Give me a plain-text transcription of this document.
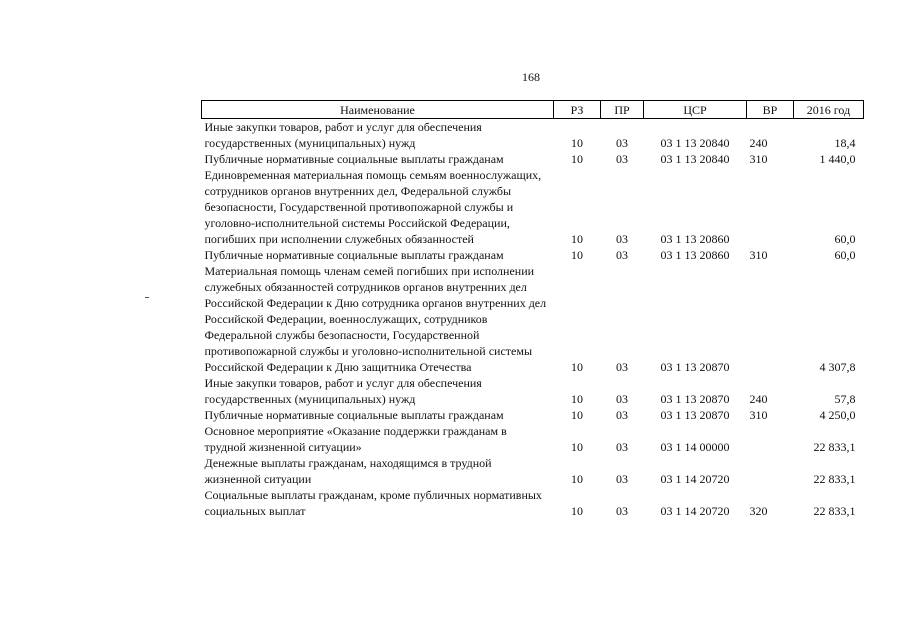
168
Наименование	РЗ	ПР	ЦСР	ВР	2016 год
Иные закупки товаров, работ и услуг для обеспечения государственных (муниципальных) нужд	10	03	03 1 13 20840	240	18,4
Публичные нормативные социальные выплаты гражданам	10	03	03 1 13 20840	310	1 440,0
Единовременная материальная помощь семьям военнослужащих, сотрудников органов внутренних дел, Федеральной службы безопасности, Государственной противопожарной службы и уголовно-исполнительной системы Российской Федерации, погибших при исполнении служебных обязанностей	10	03	03 1 13 20860		60,0
Публичные нормативные социальные выплаты гражданам	10	03	03 1 13 20860	310	60,0
Материальная помощь членам семей погибших при исполнении служебных обязанностей сотрудников органов внутренних дел Российской Федерации к Дню сотрудника органов внутренних дел Российской Федерации, военнослужащих, сотрудников Федеральной службы безопасности, Государственной противопожарной службы и уголовно-исполнительной системы Российской Федерации к Дню защитника Отечества	10	03	03 1 13 20870		4 307,8
Иные закупки товаров, работ и услуг для обеспечения государственных (муниципальных) нужд	10	03	03 1 13 20870	240	57,8
Публичные нормативные социальные выплаты гражданам	10	03	03 1 13 20870	310	4 250,0
Основное мероприятие «Оказание поддержки гражданам в трудной жизненной ситуации»	10	03	03 1 14 00000		22 833,1
Денежные выплаты гражданам, находящимся в трудной жизненной ситуации	10	03	03 1 14 20720		22 833,1
Социальные выплаты гражданам, кроме публичных нормативных социальных выплат	10	03	03 1 14 20720	320	22 833,1
